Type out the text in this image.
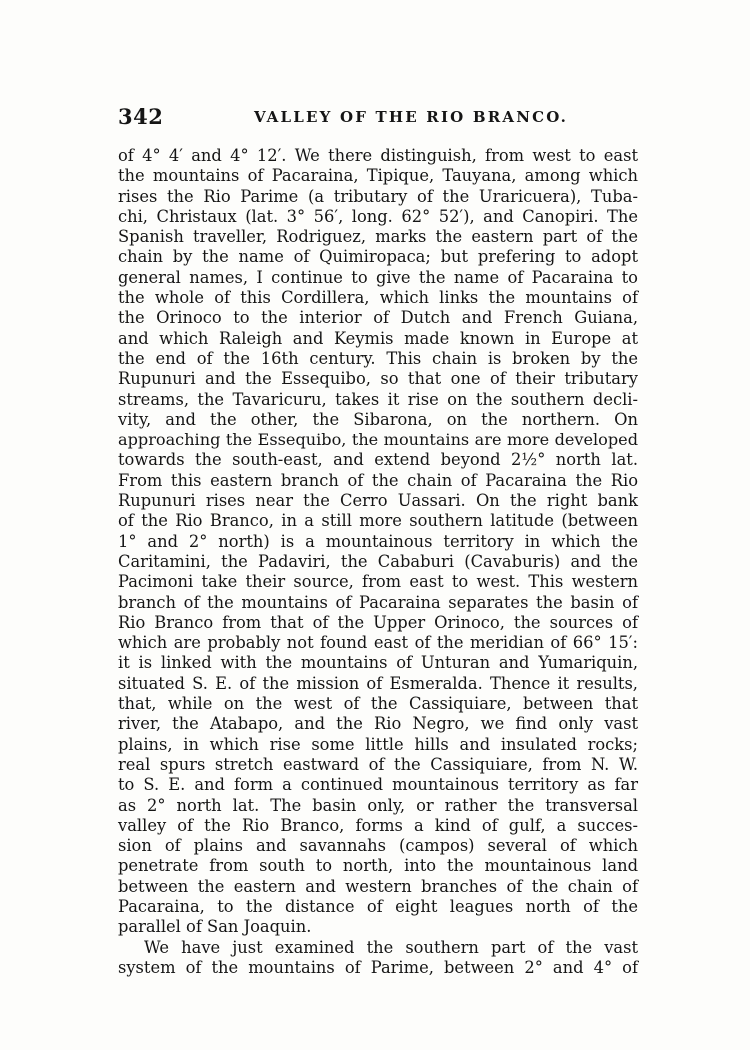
342	VALLEY OF THE RIO BRANCO.
of 4° 4′ and 4° 12′. We there distinguish, from west to east
the mountains of Pacaraina, Tipique, Tauyana, among which
rises the Rio Parime (a tributary of the Uraricuera), Tuba-
chi, Christaux (lat. 3° 56′, long. 62° 52′), and Canopiri. The
Spanish traveller, Rodriguez, marks the eastern part of the
chain by the name of Quimiropaca; but prefering to adopt
general names, I continue to give the name of Pacaraina to
the whole of this Cordillera, which links the mountains of
the Orinoco to the interior of Dutch and French Guiana,
and which Raleigh and Keymis made known in Europe at
the end of the 16th century. This chain is broken by the
Rupunuri and the Essequibo, so that one of their tributary
streams, the Tavaricuru, takes it rise on the southern decli-
vity, and the other, the Sibarona, on the northern. On
approaching the Essequibo, the mountains are more developed
towards the south-east, and extend beyond 2½° north lat.
From this eastern branch of the chain of Pacaraina the Rio
Rupunuri rises near the Cerro Uassari. On the right bank
of the Rio Branco, in a still more southern latitude (between
1° and 2° north) is a mountainous territory in which the
Caritamini, the Padaviri, the Cababuri (Cavaburis) and the
Pacimoni take their source, from east to west. This western
branch of the mountains of Pacaraina separates the basin of
Rio Branco from that of the Upper Orinoco, the sources of
which are probably not found east of the meridian of 66° 15′:
it is linked with the mountains of Unturan and Yumariquin,
situated S. E. of the mission of Esmeralda. Thence it results,
that, while on the west of the Cassiquiare, between that
river, the Atabapo, and the Rio Negro, we find only vast
plains, in which rise some little hills and insulated rocks;
real spurs stretch eastward of the Cassiquiare, from N. W.
to S. E. and form a continued mountainous territory as far
as 2° north lat. The basin only, or rather the transversal
valley of the Rio Branco, forms a kind of gulf, a succes-
sion of plains and savannahs (campos) several of which
penetrate from south to north, into the mountainous land
between the eastern and western branches of the chain of
Pacaraina, to the distance of eight leagues north of the
parallel of San Joaquin.
We have just examined the southern part of the vast
system of the mountains of Parime, between 2° and 4° of
